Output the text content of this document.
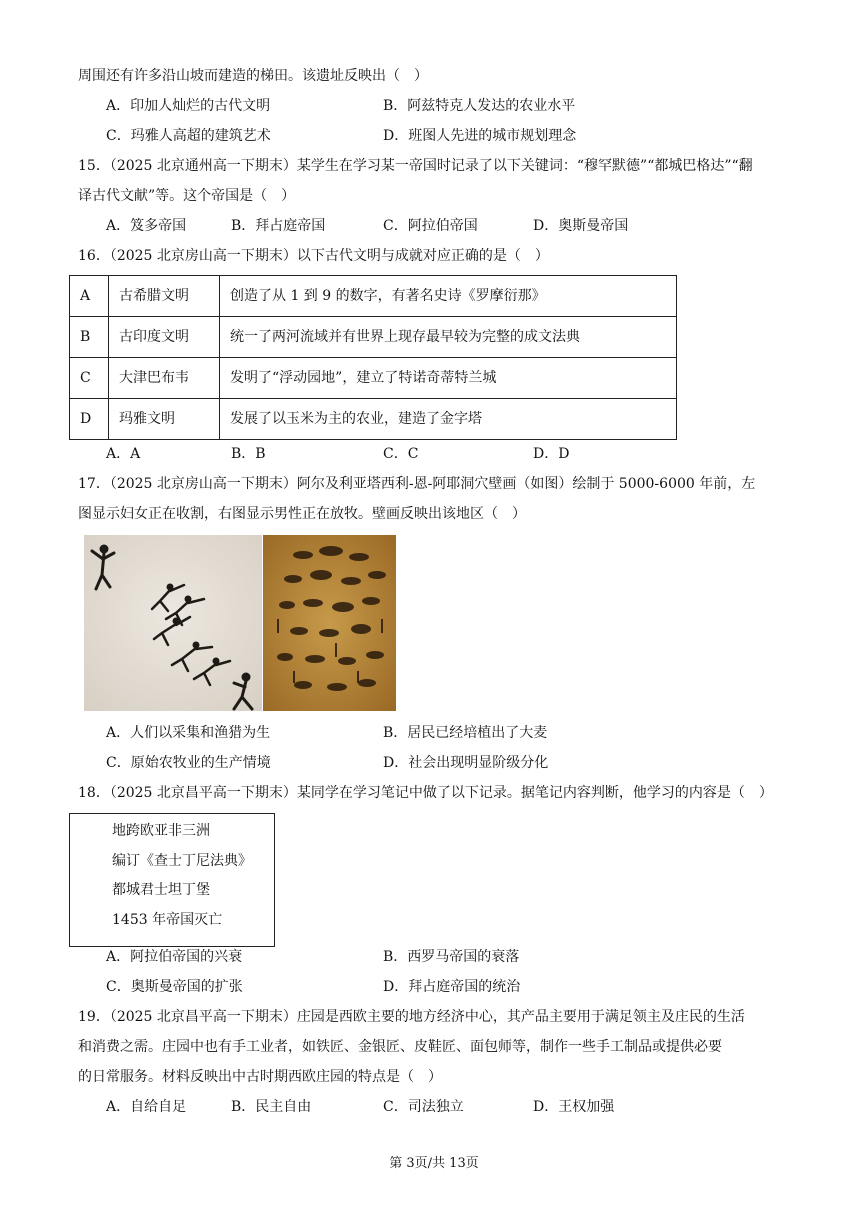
周围还有许多沿山坡而建造的梯田。该遗址反映出（　）
A．印加人灿烂的古代文明	B．阿兹特克人发达的农业水平
C．玛雅人高超的建筑艺术	D．班图人先进的城市规划理念
15．（2025 北京通州高一下期末）某学生在学习某一帝国时记录了以下关键词：“穆罕默德”“都城巴格达”“翻
译古代文献”等。这个帝国是（　）
A．笈多帝国	B．拜占庭帝国	C．阿拉伯帝国	D．奥斯曼帝国
16．（2025 北京房山高一下期末）以下古代文明与成就对应正确的是（　）
A	古希腊文明	创造了从 1 到 9 的数字，有著名史诗《罗摩衍那》
B	古印度文明	统一了两河流域并有世界上现存最早较为完整的成文法典
C	大津巴布韦	发明了“浮动园地”，建立了特诺奇蒂特兰城
D	玛雅文明	发展了以玉米为主的农业，建造了金字塔
A．A	B．B	C．C	D．D
17．（2025 北京房山高一下期末）阿尔及利亚塔西利-恩-阿耶洞穴壁画（如图）绘制于 5000-6000 年前，左
图显示妇女正在收割，右图显示男性正在放牧。壁画反映出该地区（　）
A．人们以采集和渔猎为生	B．居民已经培植出了大麦
C．原始农牧业的生产情境	D．社会出现明显阶级分化
18．（2025 北京昌平高一下期末）某同学在学习笔记中做了以下记录。据笔记内容判断，他学习的内容是（　）
地跨欧亚非三洲
编订《查士丁尼法典》
都城君士坦丁堡
1453 年帝国灭亡
A．阿拉伯帝国的兴衰	B．西罗马帝国的衰落
C．奥斯曼帝国的扩张	D．拜占庭帝国的统治
19．（2025 北京昌平高一下期末）庄园是西欧主要的地方经济中心，其产品主要用于满足领主及庄民的生活
和消费之需。庄园中也有手工业者，如铁匠、金银匠、皮鞋匠、面包师等，制作一些手工制品或提供必要
的日常服务。材料反映出中古时期西欧庄园的特点是（　）
A．自给自足	B．民主自由	C．司法独立	D．王权加强
第 3页/共 13页
